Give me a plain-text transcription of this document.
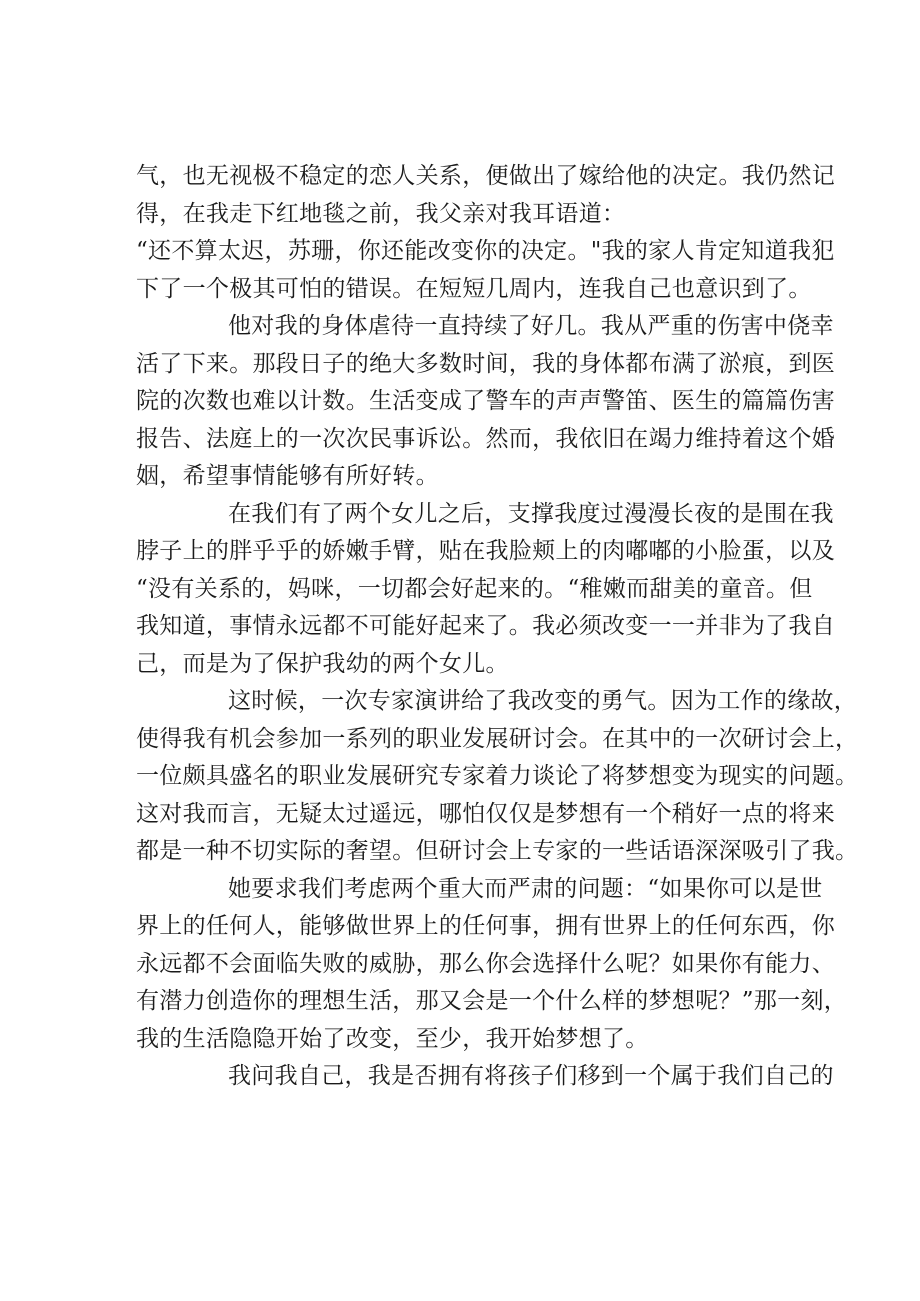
气，也无视极不稳定的恋人关系，便做出了嫁给他的决定。我仍然记
得，在我走下红地毯之前，我父亲对我耳语道：
“还不算太迟，苏珊，你还能改变你的决定。"我的家人肯定知道我犯
下了一个极其可怕的错误。在短短几周内，连我自己也意识到了。
他对我的身体虐待一直持续了好几。我从严重的伤害中侥幸
活了下来。那段日子的绝大多数时间，我的身体都布满了淤痕，到医
院的次数也难以计数。生活变成了警车的声声警笛、医生的篇篇伤害
报告、法庭上的一次次民事诉讼。然而，我依旧在竭力维持着这个婚
姻，希望事情能够有所好转。
在我们有了两个女儿之后，支撑我度过漫漫长夜的是围在我
脖子上的胖乎乎的娇嫩手臂，贴在我脸颊上的肉嘟嘟的小脸蛋，以及
“没有关系的，妈咪，一切都会好起来的。“稚嫩而甜美的童音。但
我知道，事情永远都不可能好起来了。我必须改变一一并非为了我自
己，而是为了保护我幼的两个女儿。
这时候，一次专家演讲给了我改变的勇气。因为工作的缘故，
使得我有机会参加一系列的职业发展研讨会。在其中的一次研讨会上，
一位颇具盛名的职业发展研究专家着力谈论了将梦想变为现实的问题。
这对我而言，无疑太过遥远，哪怕仅仅是梦想有一个稍好一点的将来
都是一种不切实际的奢望。但研讨会上专家的一些话语深深吸引了我。
她要求我们考虑两个重大而严肃的问题：“如果你可以是世
界上的任何人，能够做世界上的任何事，拥有世界上的任何东西，你
永远都不会面临失败的威胁，那么你会选择什么呢？如果你有能力、
有潜力创造你的理想生活，那又会是一个什么样的梦想呢？”那一刻，
我的生活隐隐开始了改变，至少，我开始梦想了。
我问我自己，我是否拥有将孩子们移到一个属于我们自己的
